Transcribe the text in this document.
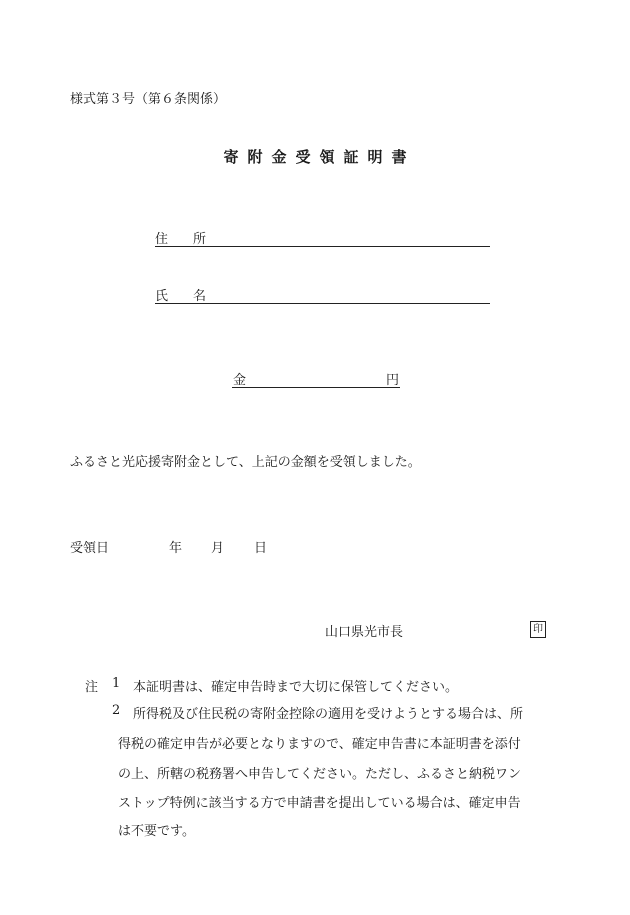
様式第３号（第６条関係）
寄附金受領証明書
住所
氏名
金	円
ふるさと光応援寄附金として、上記の金額を受領しました。
受領日	年 月 日
山口県光市長	印
注 1 本証明書は、確定申告時まで大切に保管してください。
2 所得税及び住民税の寄附金控除の適用を受けようとする場合は、所
得税の確定申告が必要となりますので、確定申告書に本証明書を添付
の上、所轄の税務署へ申告してください。ただし、ふるさと納税ワン
ストップ特例に該当する方で申請書を提出している場合は、確定申告
は不要です。
